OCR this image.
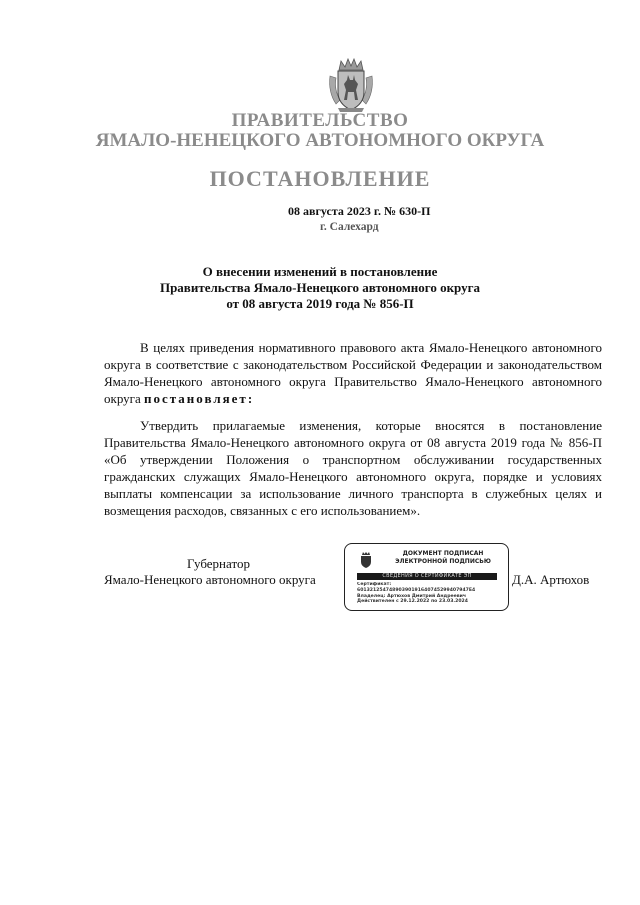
ПРАВИТЕЛЬСТВО
ЯМАЛО-НЕНЕЦКОГО АВТОНОМНОГО ОКРУГА
ПОСТАНОВЛЕНИЕ
08 августа 2023 г. № 630-П
г. Салехард
О внесении изменений в постановление
Правительства Ямало-Ненецкого автономного округа
от 08 августа 2019 года № 856-П
В целях приведения нормативного правового акта Ямало-Ненецкого автономного округа в соответствие с законодательством Российской Федерации и законодательством Ямало-Ненецкого автономного округа Правительство Ямало-Ненецкого автономного округа постановляет:
Утвердить прилагаемые изменения, которые вносятся в постановление Правительства Ямало-Ненецкого автономного округа от 08 августа 2019 года № 856-П «Об утверждении Положения о транспортном обслуживании государственных гражданских служащих Ямало-Ненецкого автономного округа, порядке и условиях выплаты компенсации за использование личного транспорта в служебных целях и возмещения расходов, связанных с его использованием».
Губернатор
Ямало-Ненецкого автономного округа
ДОКУМЕНТ ПОДПИСАН
ЭЛЕКТРОННОЙ ПОДПИСЬЮ
СВЕДЕНИЯ О СЕРТИФИКАТЕ ЭП
Сертификат:
60132125474890390191640745299407947E4
Владелец: Артюхов Дмитрий Андреевич
Действителен с 29.12.2022 по 23.03.2024
Д.А. Артюхов
